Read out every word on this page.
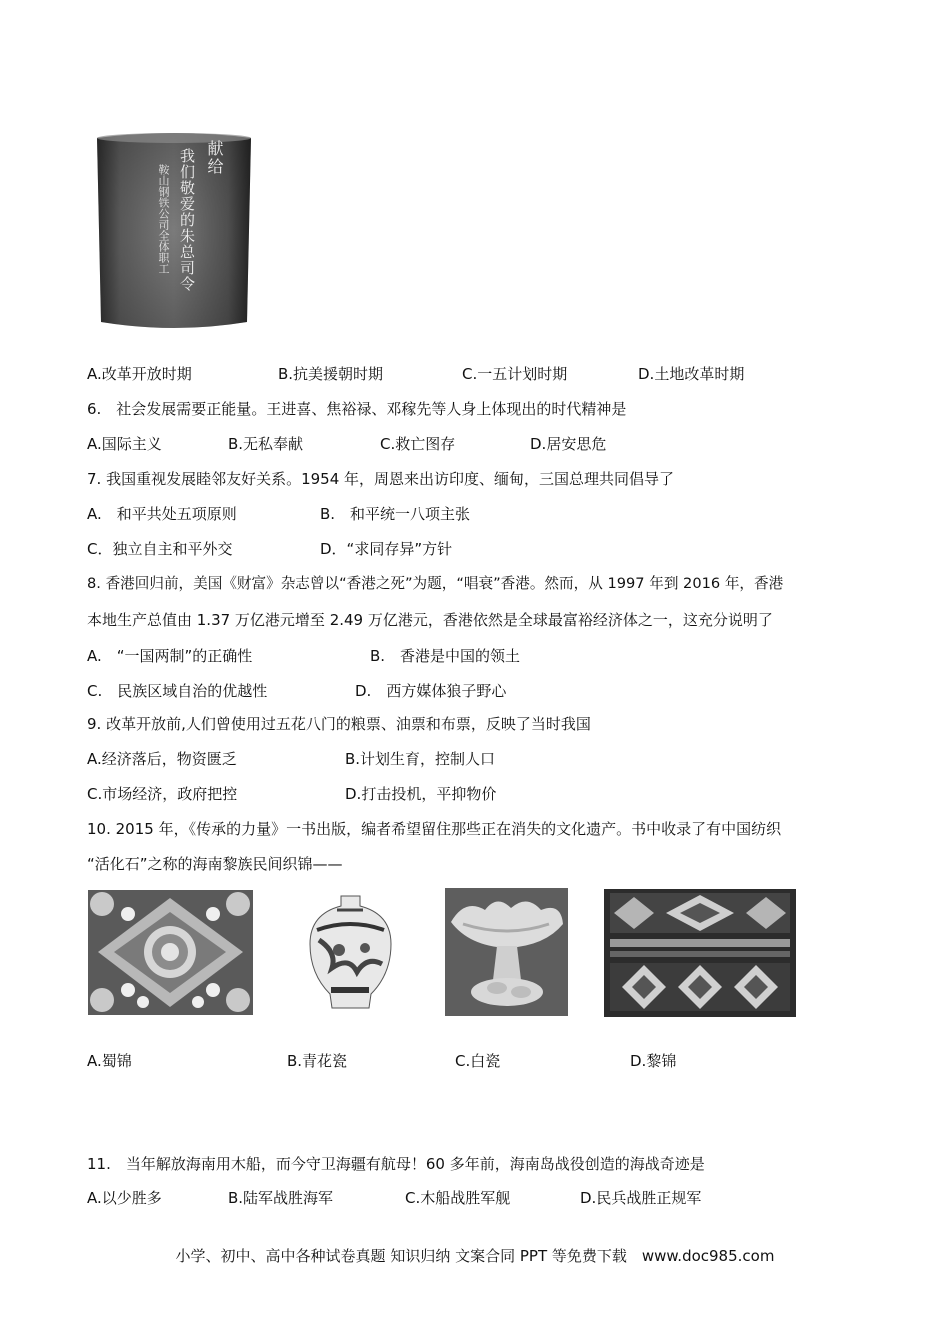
献给
我们敬爱的朱总司令
鞍山钢铁公司全体职工
A.改革开放时期	B.抗美援朝时期	C.一五计划时期	D.土地改革时期
6.　社会发展需要正能量。王进喜、焦裕禄、邓稼先等人身上体现出的时代精神是
A.国际主义	B.无私奉献	C.救亡图存	D.居安思危
7. 我国重视发展睦邻友好关系。1954 年，周恩来出访印度、缅甸，三国总理共同倡导了
A.　和平共处五项原则	B.　和平统一八项主张
C．独立自主和平外交	D．“求同存异”方针
8. 香港回归前，美国《财富》杂志曾以“香港之死”为题，“唱衰”香港。然而，从 1997 年到 2016 年，香港
本地生产总值由 1.37 万亿港元增至 2.49 万亿港元，香港依然是全球最富裕经济体之一，这充分说明了
A.　“一国两制”的正确性	B.　香港是中国的领土
C.　民族区域自治的优越性	D.　西方媒体狼子野心
9. 改革开放前,人们曾使用过五花八门的粮票、油票和布票，反映了当时我国
A.经济落后，物资匮乏	B.计划生育，控制人口
C.市场经济，政府把控	D.打击投机，平抑物价
10. 2015 年，《传承的力量》一书出版，编者希望留住那些正在消失的文化遗产。书中收录了有中国纺织
“活化石”之称的海南黎族民间织锦——
A.蜀锦	B.青花瓷	C.白瓷	D.黎锦
11.　当年解放海南用木船，而今守卫海疆有航母！60 多年前，海南岛战役创造的海战奇迹是
A.以少胜多	B.陆军战胜海军	C.木船战胜军舰	D.民兵战胜正规军
小学、初中、高中各种试卷真题 知识归纳 文案合同 PPT 等免费下载　www.doc985.com
